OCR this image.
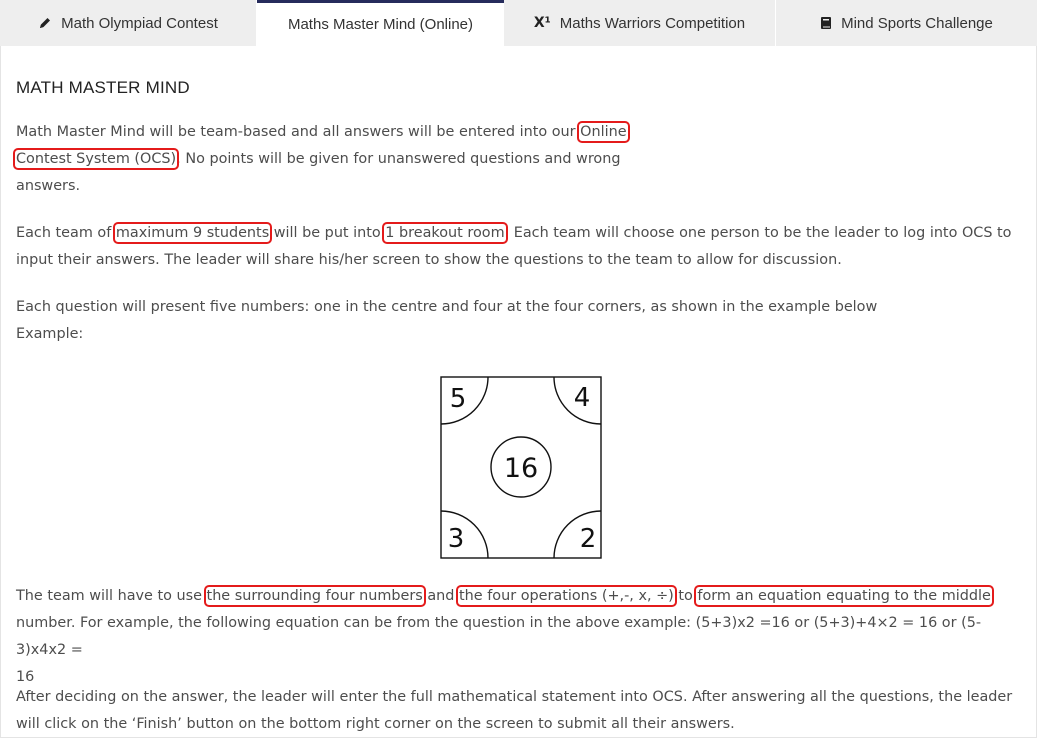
Math Olympiad Contest	Maths Master Mind (Online)	X¹ Maths Warriors Competition	Mind Sports Challenge
MATH MASTER MIND

Math Master Mind will be team-based and all answers will be entered into our Online
Contest System (OCS). No points will be given for unanswered questions and wrong
answers.

Each team of maximum 9 students will be put into 1 breakout room. Each team will choose one person to be the leader to log into OCS to
input their answers. The leader will share his/her screen to show the questions to the team to allow for discussion.

Each question will present five numbers: one in the centre and four at the four corners, as shown in the example below
Example:

The team will have to use the surrounding four numbers and the four operations (+,-, x, ÷) to form an equation equating to the middle
number. For example, the following equation can be from the question in the above example: (5+3)x2 =16 or (5+3)+4×2 = 16 or (5-3)x4x2 =
16

After deciding on the answer, the leader will enter the full mathematical statement into OCS. After answering all the questions, the leader
will click on the ‘Finish’ button on the bottom right corner on the screen to submit all their answers.

16
5	4
3	2
